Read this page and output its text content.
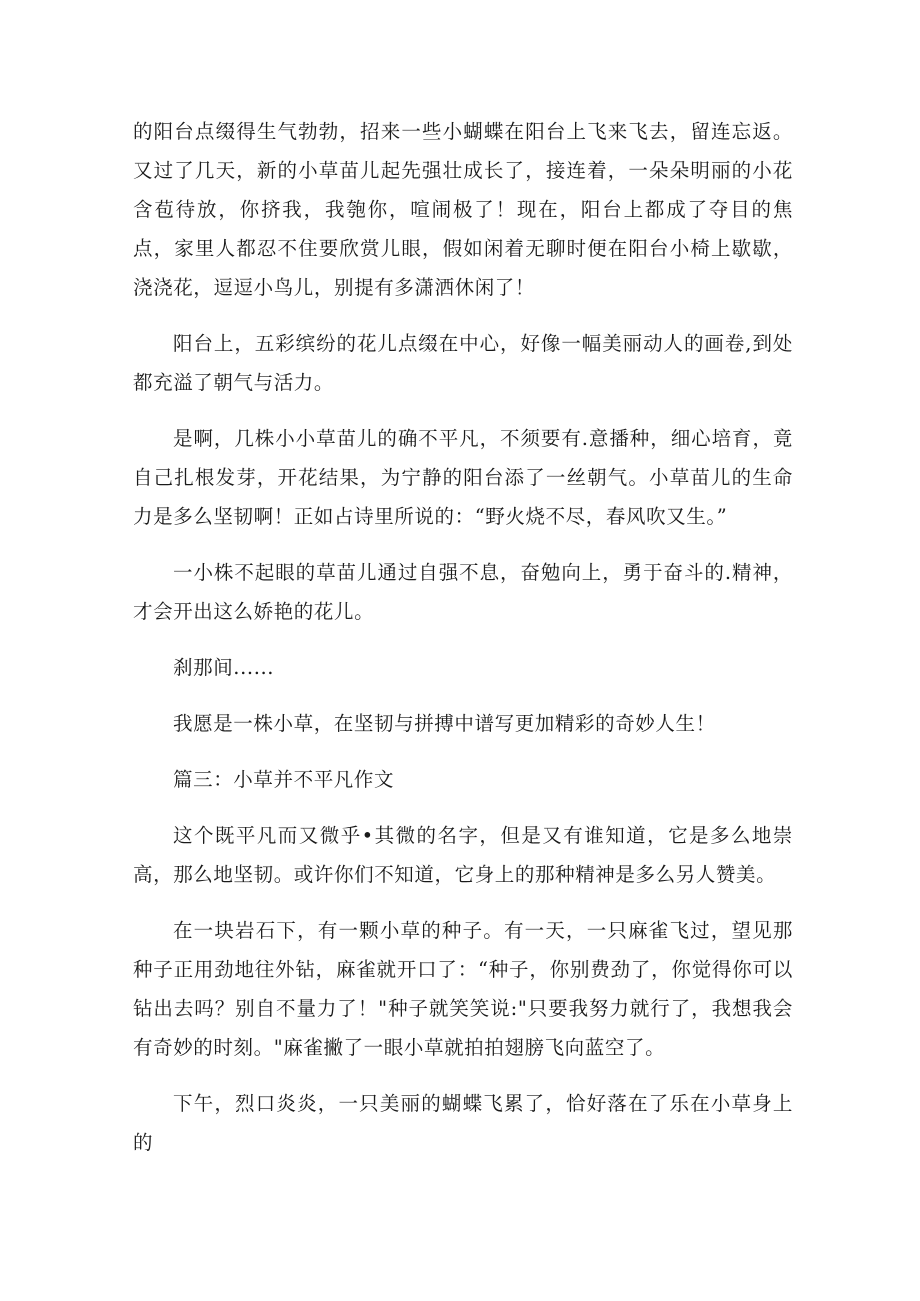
的阳台点缀得生气勃勃，招来一些小蝴蝶在阳台上飞来飞去，留连忘返。又过了几天，新的小草苗儿起先强壮成长了，接连着，一朵朵明丽的小花含苞待放，你挤我，我匏你，喧闹极了！现在，阳台上都成了夺目的焦点，家里人都忍不住要欣赏儿眼，假如闲着无聊时便在阳台小椅上歇歇，浇浇花，逗逗小鸟儿，别提有多潇洒休闲了！

阳台上，五彩缤纷的花儿点缀在中心，好像一幅美丽动人的画卷,到处都充溢了朝气与活力。

是啊，几株小小草苗儿的确不平凡，不须要有.意播种，细心培育，竟自己扎根发芽，开花结果，为宁静的阳台添了一丝朝气。小草苗儿的生命力是多么坚韧啊！正如占诗里所说的：“野火烧不尽，春风吹又生。”

一小株不起眼的草苗儿通过自强不息，奋勉向上，勇于奋斗的.精神，才会开出这么娇艳的花儿。

刹那间......

我愿是一株小草，在坚韧与拼搏中谱写更加精彩的奇妙人生！

篇三：小草并不平凡作文

这个既平凡而又微乎•其微的名字，但是又有谁知道，它是多么地崇高，那么地坚韧。或许你们不知道，它身上的那种精神是多么另人赞美。

在一块岩石下，有一颗小草的种子。有一天，一只麻雀飞过，望见那种子正用劲地往外钻，麻雀就开口了：“种子，你别费劲了，你觉得你可以钻出去吗？别自不量力了！"种子就笑笑说:"只要我努力就行了，我想我会有奇妙的时刻。"麻雀撇了一眼小草就拍拍翅膀飞向蓝空了。

下午，烈口炎炎，一只美丽的蝴蝶飞累了，恰好落在了乐在小草身上的
